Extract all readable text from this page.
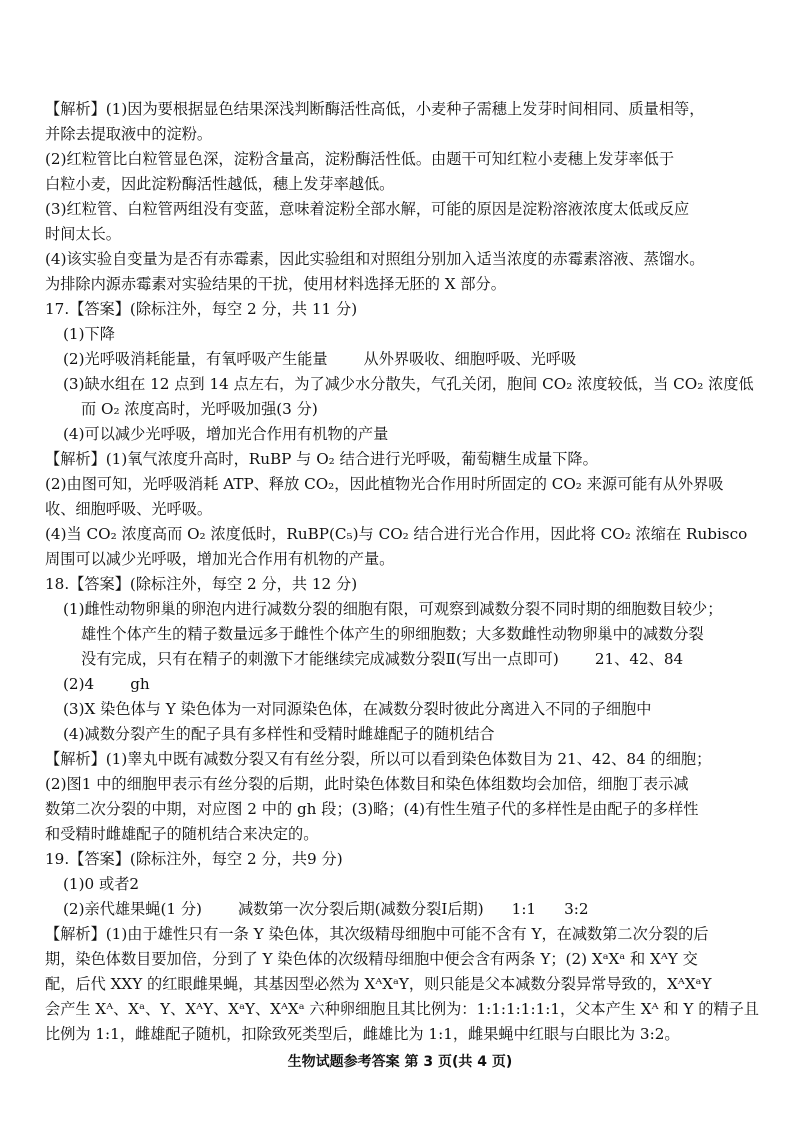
【解析】(1)因为要根据显色结果深浅判断酶活性高低，小麦种子需穗上发芽时间相同、质量相等，
并除去提取液中的淀粉。
(2)红粒管比白粒管显色深，淀粉含量高，淀粉酶活性低。由题干可知红粒小麦穗上发芽率低于
白粒小麦，因此淀粉酶活性越低，穗上发芽率越低。
(3)红粒管、白粒管两组没有变蓝，意味着淀粉全部水解，可能的原因是淀粉溶液浓度太低或反应
时间太长。
(4)该实验自变量为是否有赤霉素，因此实验组和对照组分别加入适当浓度的赤霉素溶液、蒸馏水。
为排除内源赤霉素对实验结果的干扰，使用材料选择无胚的 X 部分。
17.【答案】(除标注外，每空 2 分，共 11 分)
(1)下降
(2)光呼吸消耗能量，有氧呼吸产生能量 从外界吸收、细胞呼吸、光呼吸
(3)缺水组在 12 点到 14 点左右，为了减少水分散失，气孔关闭，胞间 CO₂ 浓度较低，当 CO₂ 浓度低
而 O₂ 浓度高时，光呼吸加强(3 分)
(4)可以减少光呼吸，增加光合作用有机物的产量
【解析】(1)氧气浓度升高时，RuBP 与 O₂ 结合进行光呼吸，葡萄糖生成量下降。
(2)由图可知，光呼吸消耗 ATP、释放 CO₂，因此植物光合作用时所固定的 CO₂ 来源可能有从外界吸
收、细胞呼吸、光呼吸。
(4)当 CO₂ 浓度高而 O₂ 浓度低时，RuBP(C₅)与 CO₂ 结合进行光合作用，因此将 CO₂ 浓缩在 Rubisco
周围可以减少光呼吸，增加光合作用有机物的产量。
18.【答案】(除标注外，每空 2 分，共 12 分)
(1)雌性动物卵巢的卵泡内进行减数分裂的细胞有限，可观察到减数分裂不同时期的细胞数目较少；
雄性个体产生的精子数量远多于雌性个体产生的卵细胞数；大多数雌性动物卵巢中的减数分裂
没有完成，只有在精子的刺激下才能继续完成减数分裂Ⅱ(写出一点即可) 21、42、84
(2)4 gh
(3)X 染色体与 Y 染色体为一对同源染色体，在减数分裂时彼此分离进入不同的子细胞中
(4)减数分裂产生的配子具有多样性和受精时雌雄配子的随机结合
【解析】(1)睾丸中既有减数分裂又有有丝分裂，所以可以看到染色体数目为 21、42、84 的细胞；
(2)图1 中的细胞甲表示有丝分裂的后期，此时染色体数目和染色体组数均会加倍，细胞丁表示减
数第二次分裂的中期，对应图 2 中的 gh 段；(3)略；(4)有性生殖子代的多样性是由配子的多样性
和受精时雌雄配子的随机结合来决定的。
19.【答案】(除标注外，每空 2 分，共9 分)
(1)0 或者2
(2)亲代雄果蝇(1 分) 减数第一次分裂后期(减数分裂Ⅰ后期) 1:1 3:2
【解析】(1)由于雄性只有一条 Y 染色体，其次级精母细胞中可能不含有 Y，在减数第二次分裂的后
期，染色体数目要加倍，分到了 Y 染色体的次级精母细胞中便会含有两条 Y；(2) XᵃXᵃ 和 XᴬY 交
配，后代 XXY 的红眼雌果蝇，其基因型必然为 XᴬXᵃY，则只能是父本减数分裂异常导致的，XᴬXᵃY
会产生 Xᴬ、Xᵃ、Y、XᴬY、XᵃY、XᴬXᵃ 六种卵细胞且其比例为：1:1:1:1:1:1，父本产生 Xᴬ 和 Y 的精子且
比例为 1:1，雌雄配子随机，扣除致死类型后，雌雄比为 1:1，雌果蝇中红眼与白眼比为 3:2。
生物试题参考答案 第 3 页(共 4 页)
